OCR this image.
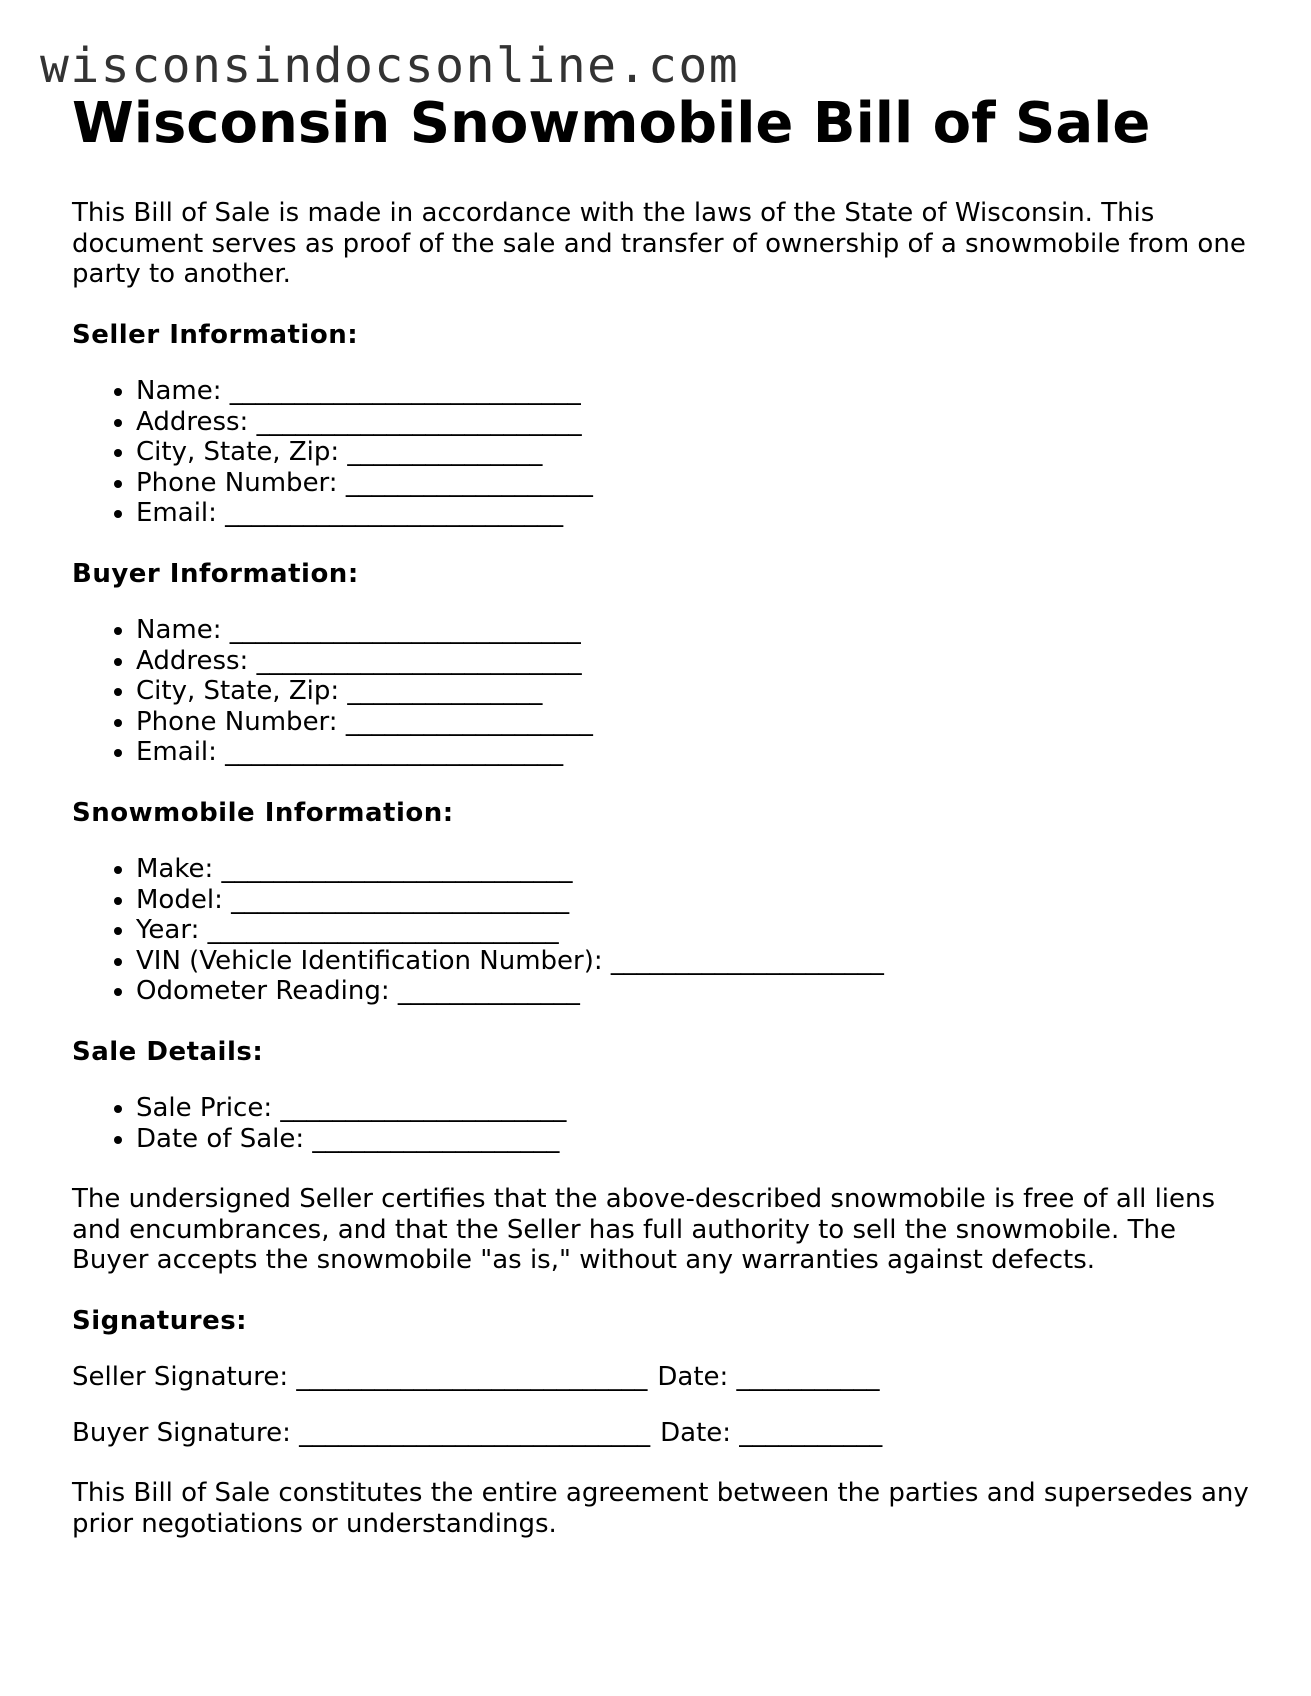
wisconsindocsonline.com
Wisconsin Snowmobile Bill of Sale

This Bill of Sale is made in accordance with the laws of the State of Wisconsin. This document serves as proof of the sale and transfer of ownership of a snowmobile from one party to another.

Seller Information:
• Name: ___________________________
• Address: _________________________
• City, State, Zip: _______________
• Phone Number: ___________________
• Email: __________________________
Buyer Information:
• Name: ___________________________
• Address: _________________________
• City, State, Zip: _______________
• Phone Number: ___________________
• Email: __________________________
Snowmobile Information:
• Make: ___________________________
• Model: __________________________
• Year: ___________________________
• VIN (Vehicle Identification Number): _____________________
• Odometer Reading: ______________
Sale Details:
• Sale Price: ______________________
• Date of Sale: ___________________

The undersigned Seller certifies that the above-described snowmobile is free of all liens and encumbrances, and that the Seller has full authority to sell the snowmobile. The Buyer accepts the snowmobile "as is," without any warranties against defects.

Signatures:
Seller Signature: ___________________________ Date: ___________
Buyer Signature: ___________________________ Date: ___________

This Bill of Sale constitutes the entire agreement between the parties and supersedes any prior negotiations or understandings.
